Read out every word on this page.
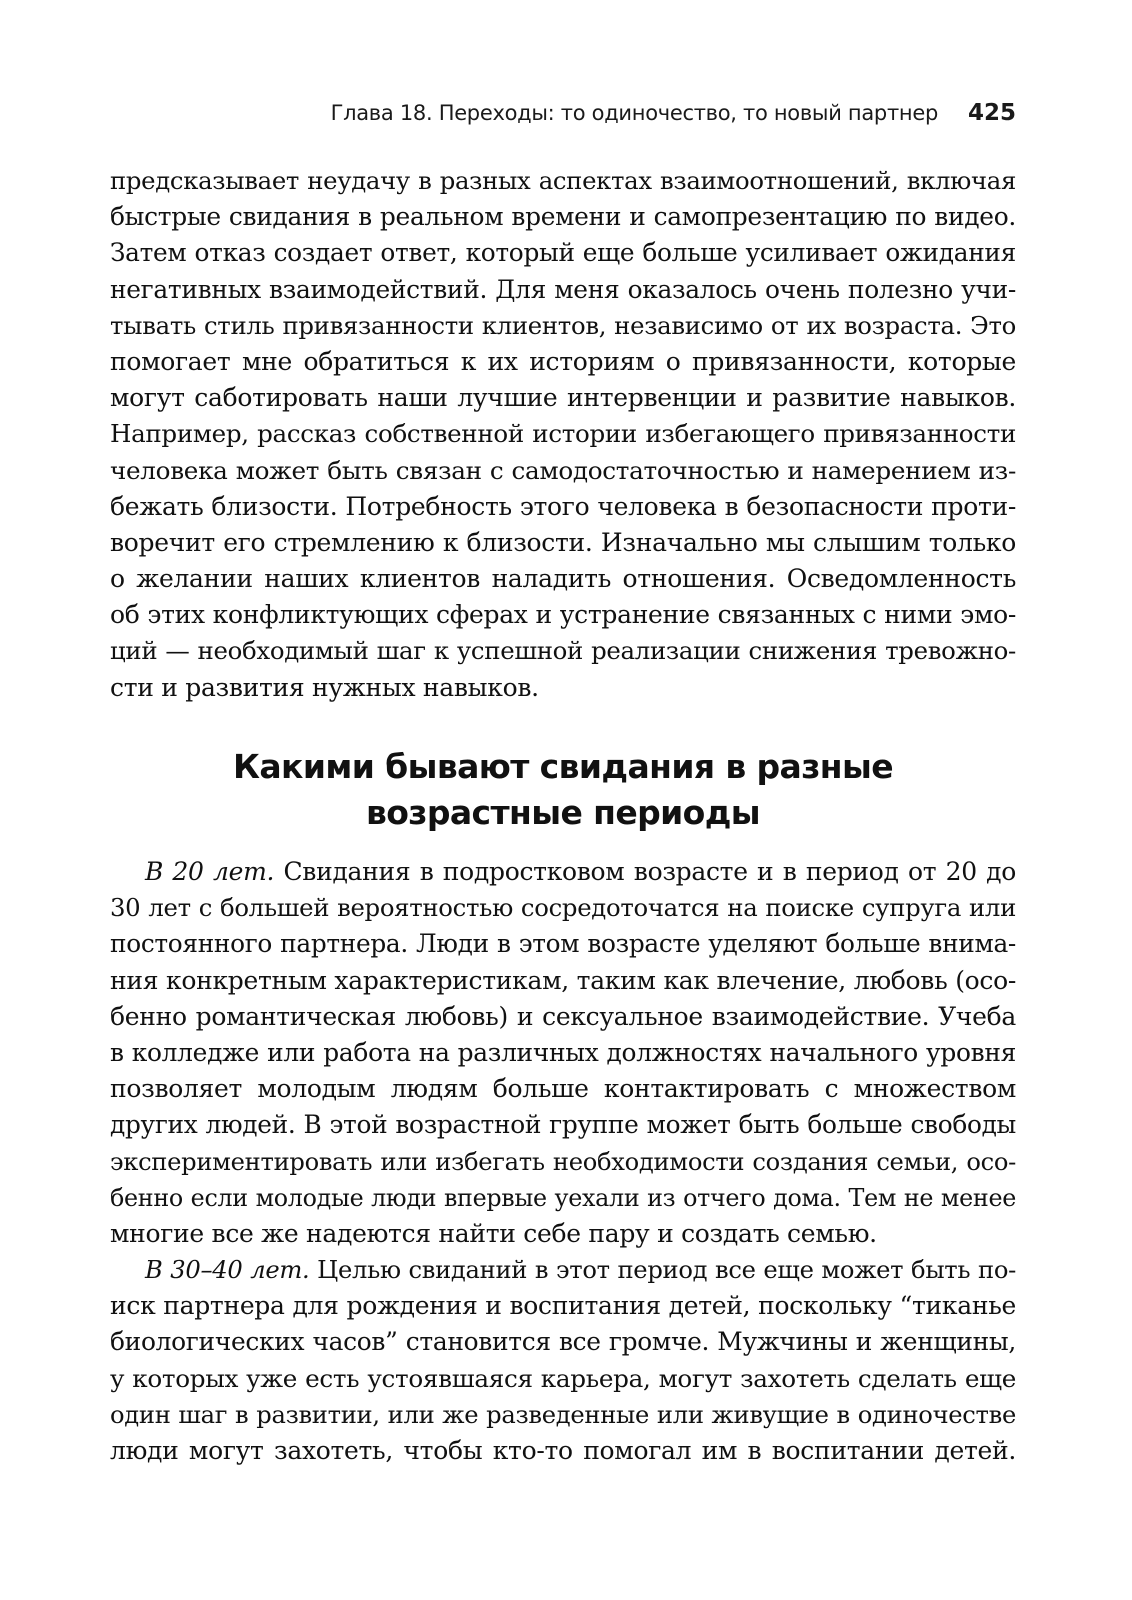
Глава 18. Переходы: то одиночество, то новый партнер 425
предсказывает неудачу в разных аспектах взаимоотношений, включая
быстрые свидания в реальном времени и самопрезентацию по видео.
Затем отказ создает ответ, который еще больше усиливает ожидания
негативных взаимодействий. Для меня оказалось очень полезно учи-
тывать стиль привязанности клиентов, независимо от их возраста. Это
помогает мне обратиться к их историям о привязанности, которые
могут саботировать наши лучшие интервенции и развитие навыков.
Например, рассказ собственной истории избегающего привязанности
человека может быть связан с самодостаточностью и намерением из-
бежать близости. Потребность этого человека в безопасности проти-
воречит его стремлению к близости. Изначально мы слышим только
о желании наших клиентов наладить отношения. Осведомленность
об этих конфликтующих сферах и устранение связанных с ними эмо-
ций — необходимый шаг к успешной реализации снижения тревожно-
сти и развития нужных навыков.
Какими бывают свидания в разные
возрастные периоды
В 20 лет. Свидания в подростковом возрасте и в период от 20 до
30 лет с большей вероятностью сосредоточатся на поиске супруга или
постоянного партнера. Люди в этом возрасте уделяют больше внима-
ния конкретным характеристикам, таким как влечение, любовь (осо-
бенно романтическая любовь) и сексуальное взаимодействие. Учеба
в колледже или работа на различных должностях начального уровня
позволяет молодым людям больше контактировать с множеством
других людей. В этой возрастной группе может быть больше свободы
экспериментировать или избегать необходимости создания семьи, осо-
бенно если молодые люди впервые уехали из отчего дома. Тем не менее
многие все же надеются найти себе пару и создать семью.
В 30–40 лет. Целью свиданий в этот период все еще может быть по-
иск партнера для рождения и воспитания детей, поскольку “тиканье
биологических часов” становится все громче. Мужчины и женщины,
у которых уже есть устоявшаяся карьера, могут захотеть сделать еще
один шаг в развитии, или же разведенные или живущие в одиночестве
люди могут захотеть, чтобы кто-то помогал им в воспитании детей.
